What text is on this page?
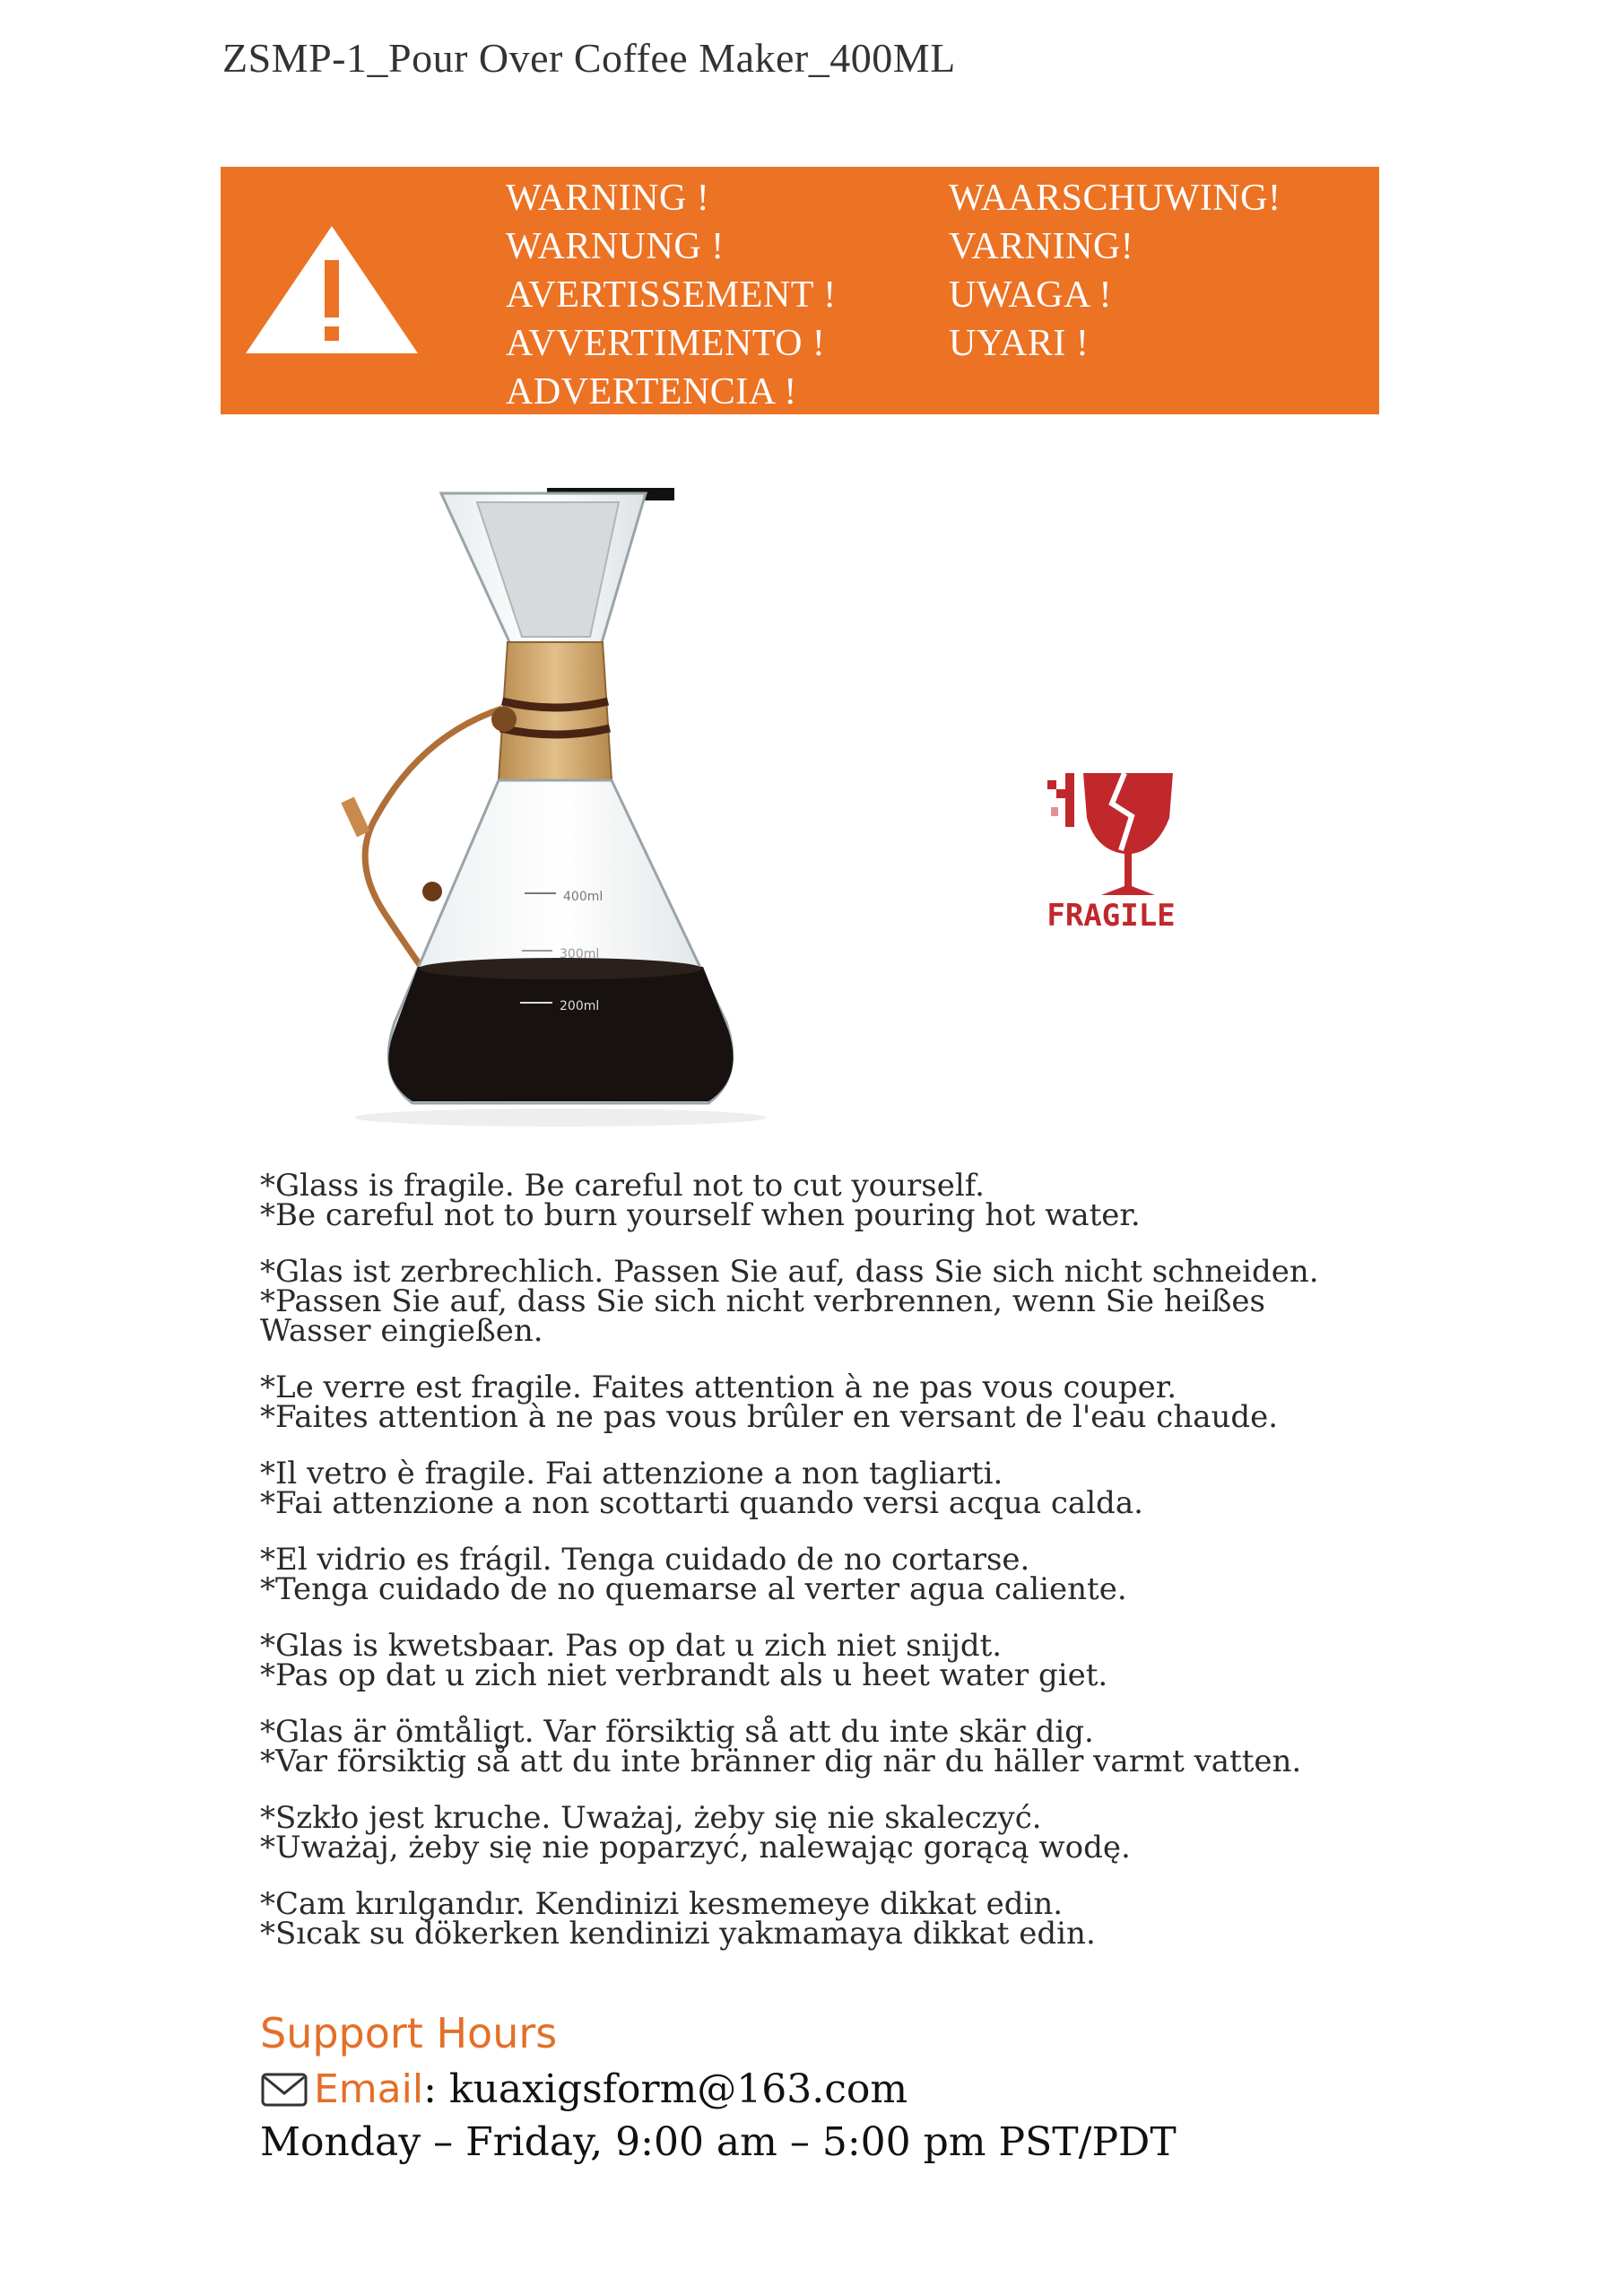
ZSMP-1_Pour Over Coffee Maker_400ML
WARNING !
WARNUNG !
AVERTISSEMENT !
AVVERTIMENTO !
ADVERTENCIA !
WAARSCHUWING!
VARNING!
UWAGA !
UYARI !
400ml
300ml
200ml
FRAGILE
*Glass is fragile. Be careful not to cut yourself.
*Be careful not to burn yourself when pouring hot water.
*Glas ist zerbrechlich. Passen Sie auf, dass Sie sich nicht schneiden.
*Passen Sie auf, dass Sie sich nicht verbrennen, wenn Sie heißes
Wasser eingießen.
*Le verre est fragile. Faites attention à ne pas vous couper.
*Faites attention à ne pas vous brûler en versant de l'eau chaude.
*Il vetro è fragile. Fai attenzione a non tagliarti.
*Fai attenzione a non scottarti quando versi acqua calda.
*El vidrio es frágil. Tenga cuidado de no cortarse.
*Tenga cuidado de no quemarse al verter agua caliente.
*Glas is kwetsbaar. Pas op dat u zich niet snijdt.
*Pas op dat u zich niet verbrandt als u heet water giet.
*Glas är ömtåligt. Var försiktig så att du inte skär dig.
*Var försiktig så att du inte bränner dig när du häller varmt vatten.
*Szkło jest kruche. Uważaj, żeby się nie skaleczyć.
*Uważaj, żeby się nie poparzyć, nalewając gorącą wodę.
*Cam kırılgandır. Kendinizi kesmemeye dikkat edin.
*Sıcak su dökerken kendinizi yakmamaya dikkat edin.
Support Hours
Email : kuaxigsform@163.com
Monday – Friday, 9:00 am – 5:00 pm PST/PDT
